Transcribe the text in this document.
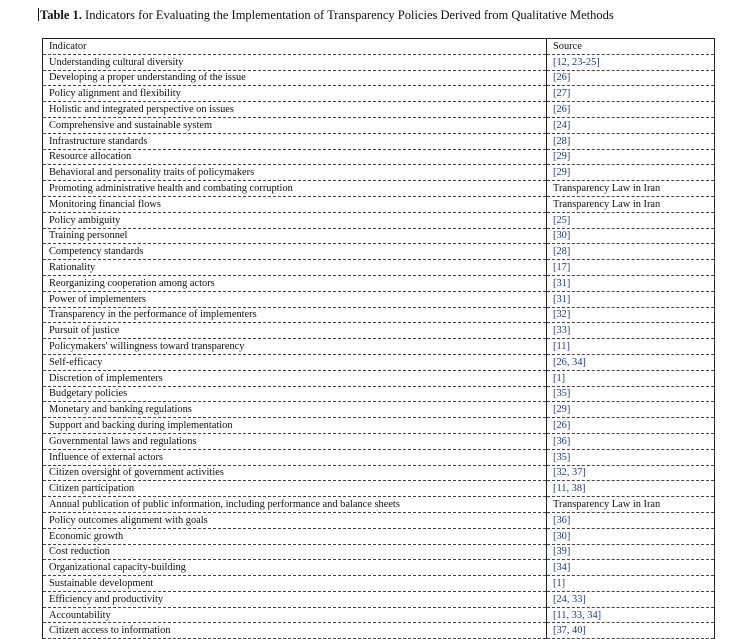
Table 1. Indicators for Evaluating the Implementation of Transparency Policies Derived from Qualitative Methods
Indicator	Source
Understanding cultural diversity	[12, 23-25]
Developing a proper understanding of the issue	[26]
Policy alignment and flexibility	[27]
Holistic and integrated perspective on issues	[26]
Comprehensive and sustainable system	[24]
Infrastructure standards	[28]
Resource allocation	[29]
Behavioral and personality traits of policymakers	[29]
Promoting administrative health and combating corruption	Transparency Law in Iran
Monitoring financial flows	Transparency Law in Iran
Policy ambiguity	[25]
Training personnel	[30]
Competency standards	[28]
Rationality	[17]
Reorganizing cooperation among actors	[31]
Power of implementers	[31]
Transparency in the performance of implementers	[32]
Pursuit of justice	[33]
Policymakers' willingness toward transparency	[11]
Self-efficacy	[26, 34]
Discretion of implementers	[1]
Budgetary policies	[35]
Monetary and banking regulations	[29]
Support and backing during implementation	[26]
Governmental laws and regulations	[36]
Influence of external actors	[35]
Citizen oversight of government activities	[32, 37]
Citizen participation	[11, 38]
Annual publication of public information, including performance and balance sheets	Transparency Law in Iran
Policy outcomes alignment with goals	[36]
Economic growth	[30]
Cost reduction	[39]
Organizational capacity-building	[34]
Sustainable development	[1]
Efficiency and productivity	[24, 33]
Accountability	[11, 33, 34]
Citizen access to information	[37, 40]
